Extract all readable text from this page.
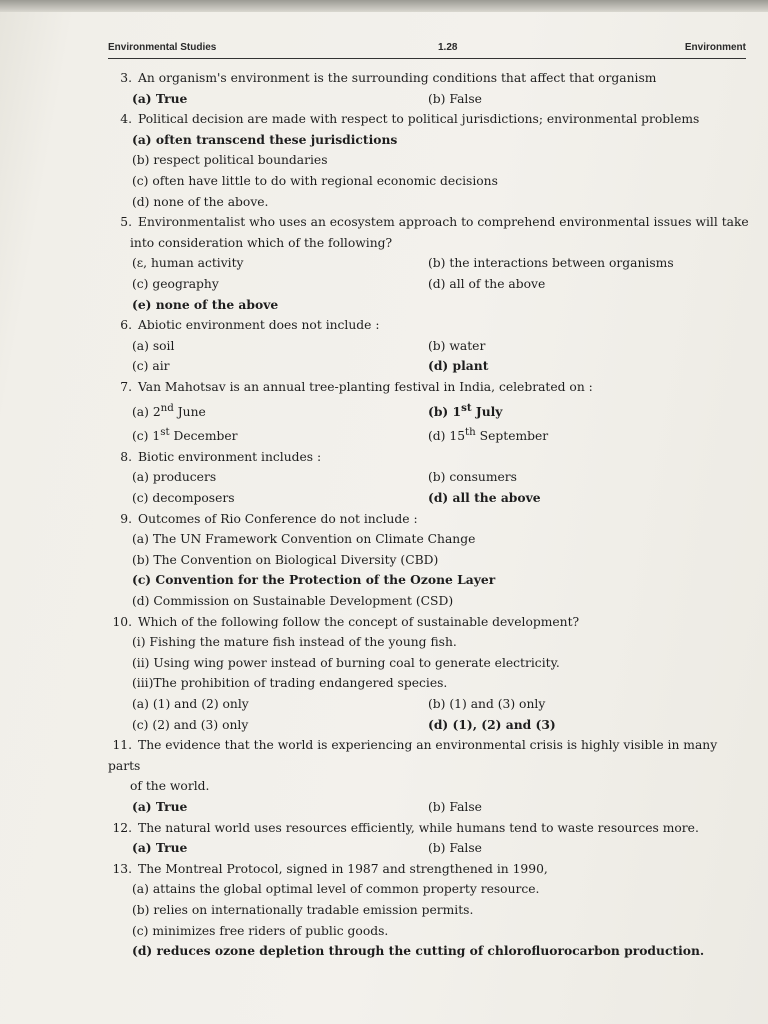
Environmental Studies	1.28	Environment
3. An organism's environment is the surrounding conditions that affect that organism
(a) True	(b) False
4. Political decision are made with respect to political jurisdictions; environmental problems
(a) often transcend these jurisdictions
(b) respect political boundaries
(c) often have little to do with regional economic decisions
(d) none of the above.
5. Environmentalist who uses an ecosystem approach to comprehend environmental issues will take
into consideration which of the following?
(ε, human activity	(b) the interactions between organisms
(c) geography	(d) all of the above
(e) none of the above
6. Abiotic environment does not include :
(a) soil	(b) water
(c) air	(d) plant
7. Van Mahotsav is an annual tree-planting festival in India, celebrated on :
(a) 2nd June	(b) 1st July
(c) 1st December	(d) 15th September
8. Biotic environment includes :
(a) producers	(b) consumers
(c) decomposers	(d) all the above
9. Outcomes of Rio Conference do not include :
(a) The UN Framework Convention on Climate Change
(b) The Convention on Biological Diversity (CBD)
(c) Convention for the Protection of the Ozone Layer
(d) Commission on Sustainable Development (CSD)
10. Which of the following follow the concept of sustainable development?
(i) Fishing the mature fish instead of the young fish.
(ii) Using wing power instead of burning coal to generate electricity.
(iii)The prohibition of trading endangered species.
(a) (1) and (2) only	(b) (1) and (3) only
(c) (2) and (3) only	(d) (1), (2) and (3)
11. The evidence that the world is experiencing an environmental crisis is highly visible in many parts
of the world.
(a) True	(b) False
12. The natural world uses resources efficiently, while humans tend to waste resources more.
(a) True	(b) False
13. The Montreal Protocol, signed in 1987 and strengthened in 1990,
(a) attains the global optimal level of common property resource.
(b) relies on internationally tradable emission permits.
(c) minimizes free riders of public goods.
(d) reduces ozone depletion through the cutting of chlorofluorocarbon production.
